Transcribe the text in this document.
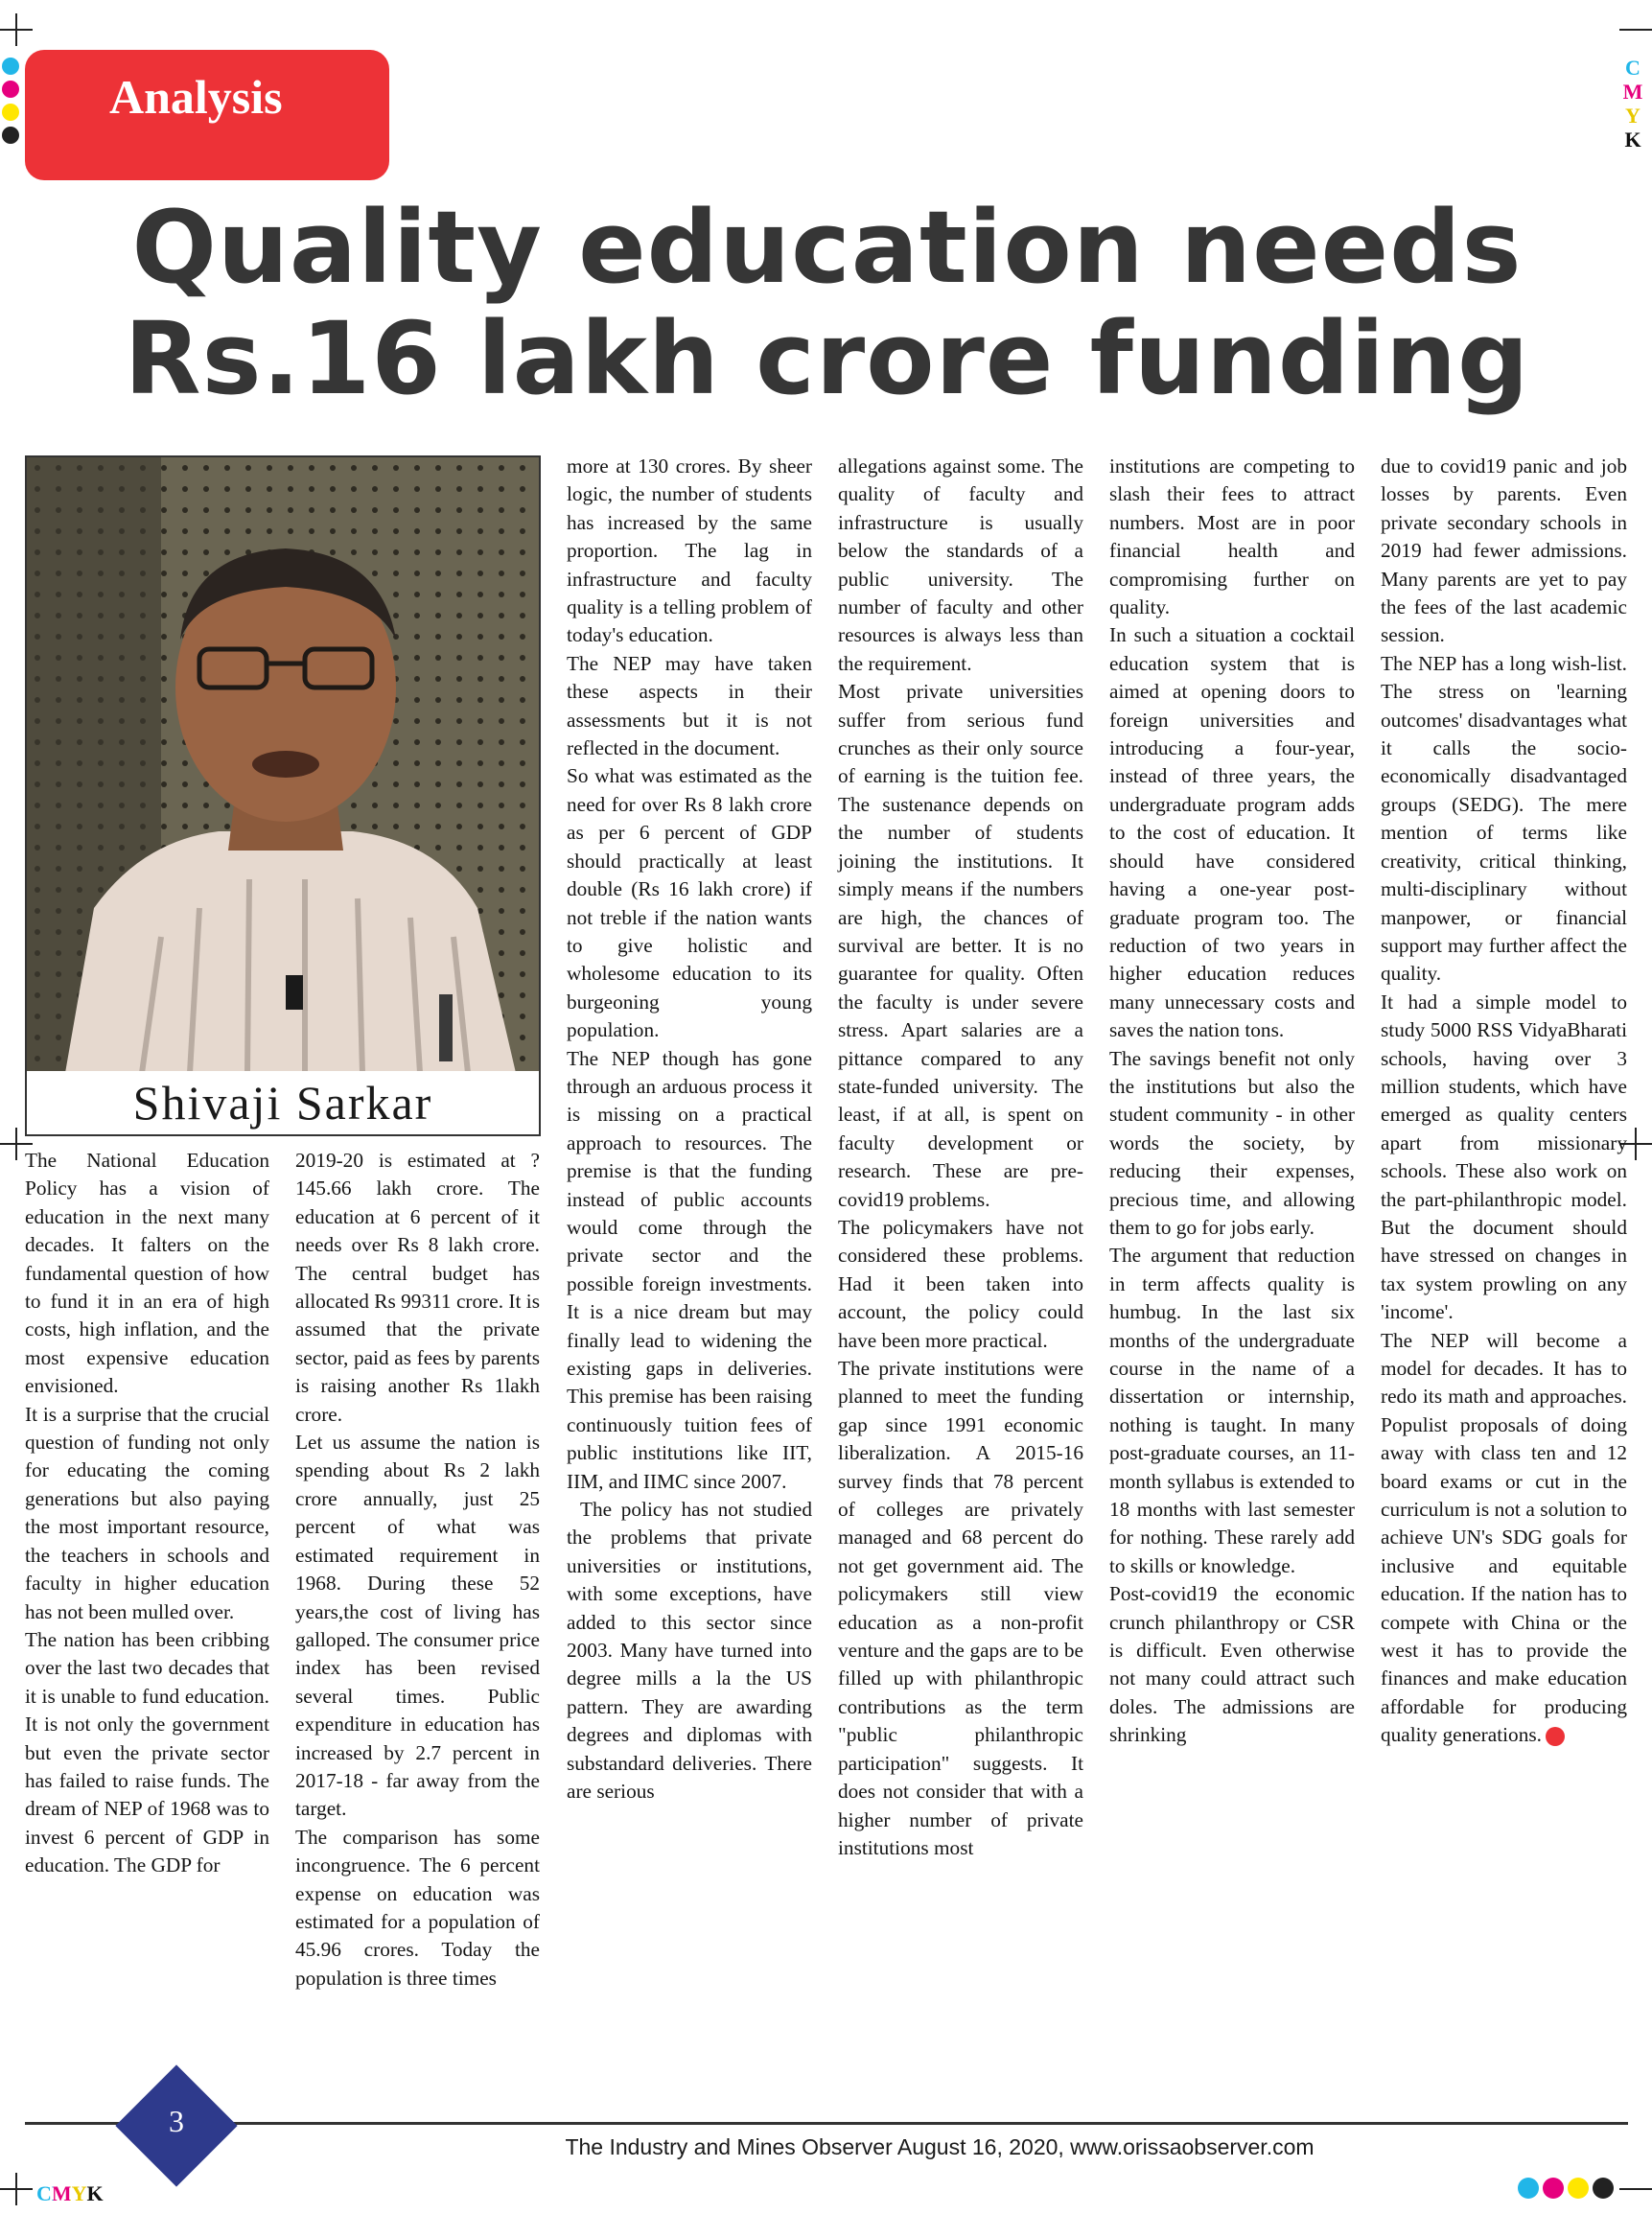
C
M
Y
K
Analysis
Quality education needs
Rs.16 lakh crore funding
Shivaji Sarkar

The National Education Policy has a vision of education in the next many decades. It falters on the fundamental question of how to fund it in an era of high costs, high inflation, and the most expensive education envisioned.

It is a surprise that the crucial question of funding not only for educating the coming generations but also paying the most important resource, the teachers in schools and faculty in higher education has not been mulled over.

The nation has been cribbing over the last two decades that it is unable to fund education. It is not only the government but even the private sector has failed to raise funds. The dream of NEP of 1968 was to invest 6 percent of GDP in education. The GDP for

2019-20 is estimated at ? 145.66 lakh crore. The education at 6 percent of it needs over Rs 8 lakh crore. The central budget has allocated Rs 99311 crore. It is assumed that the private sector, paid as fees by parents is raising another Rs 1lakh crore.

Let us assume the nation is spending about Rs 2 lakh crore annually, just 25 percent of what was estimated requirement in 1968. During these 52 years,the cost of living has galloped. The consumer price index has been revised several times. Public expenditure in education has increased by 2.7 percent in 2017-18 - far away from the target.

The comparison has some incongruence. The 6 percent expense on education was estimated for a population of 45.96 crores. Today the population is three times

more at 130 crores. By sheer logic, the number of students has increased by the same proportion. The lag in infrastructure and faculty quality is a telling problem of today's education.

The NEP may have taken these aspects in their assessments but it is not reflected in the document.

So what was estimated as the need for over Rs 8 lakh crore as per 6 percent of GDP should practically at least double (Rs 16 lakh crore) if not treble if the nation wants to give holistic and wholesome education to its burgeoning young population.

The NEP though has gone through an arduous process it is missing on a practical approach to resources. The premise is that the funding instead of public accounts would come through the private sector and the possible foreign investments. It is a nice dream but may finally lead to widening the existing gaps in deliveries. This premise has been raising continuously tuition fees of public institutions like IIT, IIM, and IIMC since 2007.

The policy has not studied the problems that private universities or institutions, with some exceptions, have added to this sector since 2003. Many have turned into degree mills a la the US pattern. They are awarding degrees and diplomas with substandard deliveries. There are serious

allegations against some. The quality of faculty and infrastructure is usually below the standards of a public university. The number of faculty and other resources is always less than the requirement.

Most private universities suffer from serious fund crunches as their only source of earning is the tuition fee. The sustenance depends on the number of students joining the institutions. It simply means if the numbers are high, the chances of survival are better. It is no guarantee for quality. Often the faculty is under severe stress. Apart salaries are a pittance compared to any state-funded university. The least, if at all, is spent on faculty development or research. These are pre-covid19 problems.

The policymakers have not considered these problems. Had it been taken into account, the policy could have been more practical.

The private institutions were planned to meet the funding gap since 1991 economic liberalization. A 2015-16 survey finds that 78 percent of colleges are privately managed and 68 percent do not get government aid. The policymakers still view education as a non-profit venture and the gaps are to be filled up with philanthropic contributions as the term "public philanthropic participation" suggests. It does not consider that with a higher number of private institutions most

institutions are competing to slash their fees to attract numbers. Most are in poor financial health and compromising further on quality.

In such a situation a cocktail education system that is aimed at opening doors to foreign universities and introducing a four-year, instead of three years, the undergraduate program adds to the cost of education. It should have considered having a one-year post-graduate program too. The reduction of two years in higher education reduces many unnecessary costs and saves the nation tons.

The savings benefit not only the institutions but also the student community - in other words the society, by reducing their expenses, precious time, and allowing them to go for jobs early.

The argument that reduction in term affects quality is humbug. In the last six months of the undergraduate course in the name of a dissertation or internship, nothing is taught. In many post-graduate courses, an 11-month syllabus is extended to 18 months with last semester for nothing. These rarely add to skills or knowledge.

Post-covid19 the economic crunch philanthropy or CSR is difficult. Even otherwise not many could attract such doles. The admissions are shrinking

due to covid19 panic and job losses by parents. Even private secondary schools in 2019 had fewer admissions. Many parents are yet to pay the fees of the last academic session.

The NEP has a long wish-list. The stress on 'learning outcomes' disadvantages what it calls the socio-economically disadvantaged groups (SEDG). The mere mention of terms like creativity, critical thinking, multi-disciplinary without manpower, or financial support may further affect the quality.

It had a simple model to study 5000 RSS VidyaBharati schools, having over 3 million students, which have emerged as quality centers apart from missionary schools. These also work on the part-philanthropic model. But the document should have stressed on changes in tax system prowling on any 'income'.

The NEP will become a model for decades. It has to redo its math and approaches. Populist proposals of doing away with class ten and 12 board exams or cut in the curriculum is not a solution to achieve UN's SDG goals for inclusive and equitable education. If the nation has to compete with China or the west it has to provide the finances and make education affordable for producing quality generations.

3
The Industry and Mines Observer August 16, 2020, www.orissaobserver.com
CMYK
